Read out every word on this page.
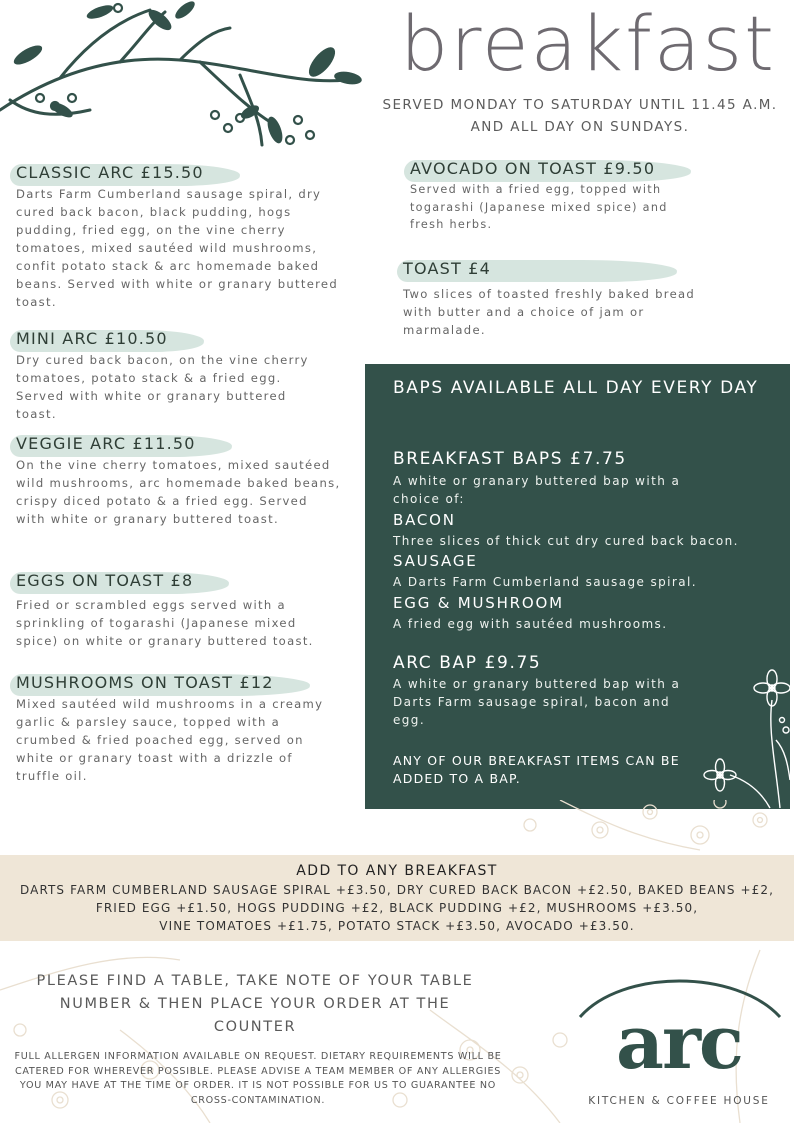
breakfast
SERVED MONDAY TO SATURDAY UNTIL 11.45 A.M. AND ALL DAY ON SUNDAYS.
CLASSIC ARC £15.50
Darts Farm Cumberland sausage spiral, dry cured back bacon, black pudding, hogs pudding, fried egg, on the vine cherry tomatoes, mixed sautéed wild mushrooms, confit potato stack & arc homemade baked beans. Served with white or granary buttered toast.
MINI ARC £10.50
Dry cured back bacon, on the vine cherry tomatoes, potato stack & a fried egg. Served with white or granary buttered toast.
VEGGIE ARC £11.50
On the vine cherry tomatoes, mixed sautéed wild mushrooms, arc homemade baked beans, crispy diced potato & a fried egg. Served with white or granary buttered toast.
EGGS ON TOAST £8
Fried or scrambled eggs served with a sprinkling of togarashi (Japanese mixed spice) on white or granary buttered toast.
MUSHROOMS ON TOAST £12
Mixed sautéed wild mushrooms in a creamy garlic & parsley sauce, topped with a crumbed & fried poached egg, served on white or granary toast with a drizzle of truffle oil.
AVOCADO ON TOAST £9.50
Served with a fried egg, topped with togarashi (Japanese mixed spice) and fresh herbs.
TOAST £4
Two slices of toasted freshly baked bread with butter and a choice of jam or marmalade.
BAPS AVAILABLE ALL DAY EVERY DAY
BREAKFAST BAPS £7.75
A white or granary buttered bap with a choice of:
BACON
Three slices of thick cut dry cured back bacon.
SAUSAGE
A Darts Farm Cumberland sausage spiral.
EGG & MUSHROOM
A fried egg with sautéed mushrooms.
ARC BAP £9.75
A white or granary buttered bap with a Darts Farm sausage spiral, bacon and egg.
ANY OF OUR BREAKFAST ITEMS CAN BE ADDED TO A BAP.
ADD TO ANY BREAKFAST
DARTS FARM CUMBERLAND SAUSAGE SPIRAL +£3.50, DRY CURED BACK BACON +£2.50, BAKED BEANS +£2,
FRIED EGG +£1.50, HOGS PUDDING +£2, BLACK PUDDING +£2, MUSHROOMS +£3.50,
VINE TOMATOES +£1.75, POTATO STACK +£3.50, AVOCADO +£3.50.
PLEASE FIND A TABLE, TAKE NOTE OF YOUR TABLE NUMBER & THEN PLACE YOUR ORDER AT THE COUNTER
FULL ALLERGEN INFORMATION AVAILABLE ON REQUEST. DIETARY REQUIREMENTS WILL BE CATERED FOR WHEREVER POSSIBLE. PLEASE ADVISE A TEAM MEMBER OF ANY ALLERGIES YOU MAY HAVE AT THE TIME OF ORDER. IT IS NOT POSSIBLE FOR US TO GUARANTEE NO CROSS-CONTAMINATION.
arc
KITCHEN & COFFEE HOUSE
